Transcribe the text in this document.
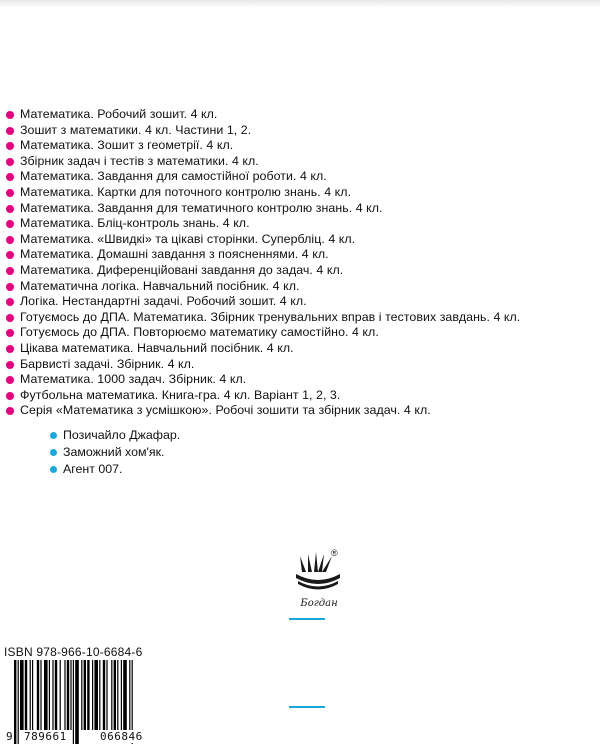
Математика. Робочий зошит. 4 кл.
Зошит з математики. 4 кл. Частини 1, 2.
Математика. Зошит з геометрії. 4 кл.
Збірник задач і тестів з математики. 4 кл.
Математика. Завдання для самостійної роботи. 4 кл.
Математика. Картки для поточного контролю знань. 4 кл.
Математика. Завдання для тематичного контролю знань. 4 кл.
Математика. Бліц-контроль знань. 4 кл.
Математика. «Швидкі» та цікаві сторінки. Супербліц. 4 кл.
Математика. Домашні завдання з поясненнями. 4 кл.
Математика. Диференційовані завдання до задач. 4 кл.
Математична логіка. Навчальний посібник. 4 кл.
Логіка. Нестандартні задачі. Робочий зошит. 4 кл.
Готуємось до ДПА. Математика. Збірник тренувальних вправ і тестових завдань. 4 кл.
Готуємось до ДПА. Повторюємо математику самостійно. 4 кл.
Цікава математика. Навчальний посібник. 4 кл.
Барвисті задачі. Збірник. 4 кл.
Математика. 1000 задач. Збірник. 4 кл.
Футбольна математика. Книга-гра. 4 кл. Варіант 1, 2, 3.
Серія «Математика з усмішкою». Робочі зошити та збірник задач. 4 кл.
Позичайло Джафар.
Заможний хом'як.
Агент 007.
Богдан
®
ISBN 978-966-10-6684-6
9 789661	066846
